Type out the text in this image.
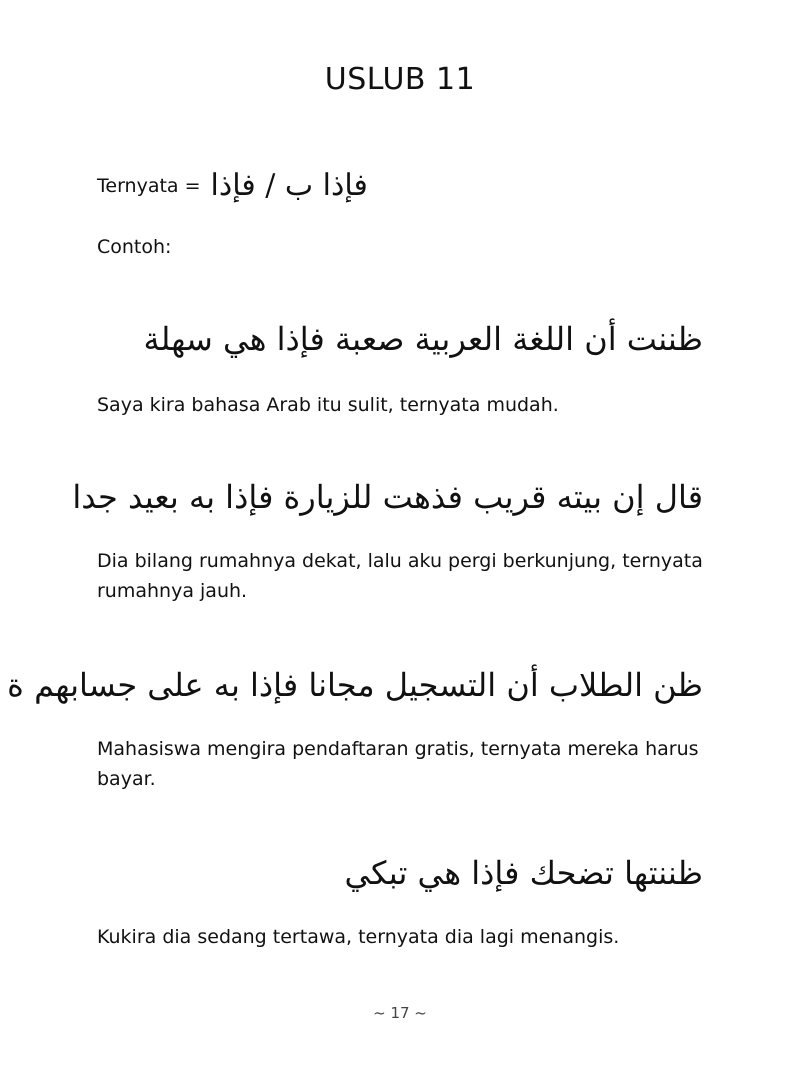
USLUB 11
Ternyata = فإذا ب / فإذا
Contoh:
ظننت أن اللغة العربية صعبة فإذا هي سهلة
Saya kira bahasa Arab itu sulit, ternyata mudah.
قال إن بيته قريب فذهت للزيارة فإذا به بعيد جدا
Dia bilang rumahnya dekat, lalu aku pergi berkunjung, ternyata rumahnya jauh.
ظن الطلاب أن التسجيل مجانا فإذا به على جسابهم ة
Mahasiswa mengira pendaftaran gratis, ternyata mereka harus bayar.
ظننتها تضحك فإذا هي تبكي
Kukira dia sedang tertawa, ternyata dia lagi menangis.
~ 17 ~
